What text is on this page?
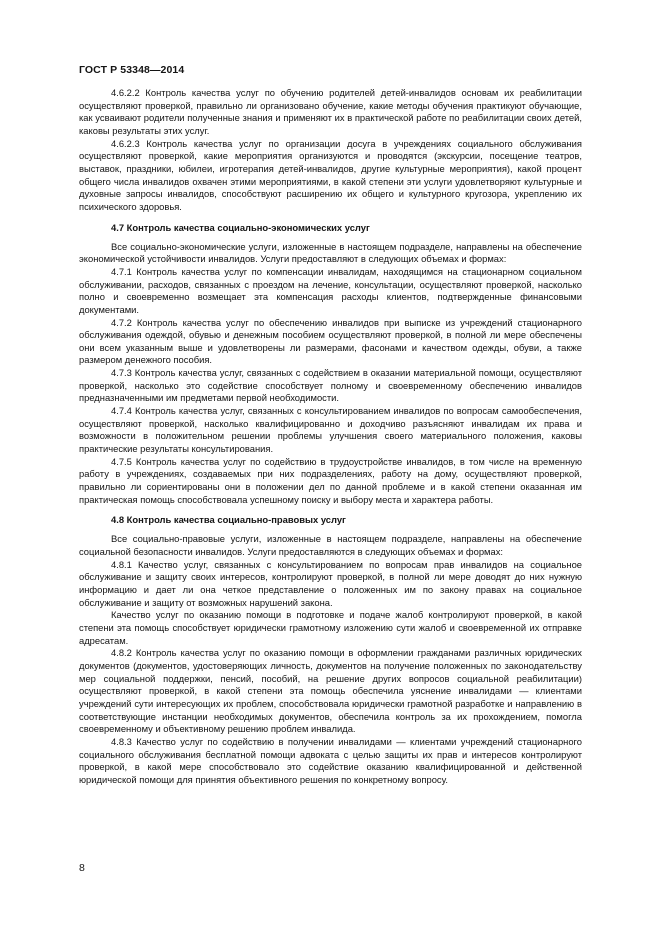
ГОСТ Р 53348—2014

4.6.2.2 Контроль качества услуг по обучению родителей детей-инвалидов основам их реабилитации осуществляют проверкой, правильно ли организовано обучение, какие методы обучения практикуют обучающие, как усваивают родители полученные знания и применяют их в практической работе по реабилитации своих детей, каковы результаты этих услуг.

4.6.2.3 Контроль качества услуг по организации досуга в учреждениях социального обслуживания осуществляют проверкой, какие мероприятия организуются и проводятся (экскурсии, посещение театров, выставок, праздники, юбилеи, игротерапия детей-инвалидов, другие культурные мероприятия), какой процент общего числа инвалидов охвачен этими мероприятиями, в какой степени эти услуги удовлетворяют культурные и духовные запросы инвалидов, способствуют расширению их общего и культурного кругозора, укреплению их психического здоровья.

4.7 Контроль качества социально-экономических услуг

Все социально-экономические услуги, изложенные в настоящем подразделе, направлены на обеспечение экономической устойчивости инвалидов. Услуги предоставляют в следующих объемах и формах:

4.7.1 Контроль качества услуг по компенсации инвалидам, находящимся на стационарном социальном обслуживании, расходов, связанных с проездом на лечение, консультации, осуществляют проверкой, насколько полно и своевременно возмещает эта компенсация расходы клиентов, подтвержденные финансовыми документами.

4.7.2 Контроль качества услуг по обеспечению инвалидов при выписке из учреждений стационарного обслуживания одеждой, обувью и денежным пособием осуществляют проверкой, в полной ли мере обеспечены они всем указанным выше и удовлетворены ли размерами, фасонами и качеством одежды, обуви, а также размером денежного пособия.

4.7.3 Контроль качества услуг, связанных с содействием в оказании материальной помощи, осуществляют проверкой, насколько это содействие способствует полному и своевременному обеспечению инвалидов предназначенными им предметами первой необходимости.

4.7.4 Контроль качества услуг, связанных с консультированием инвалидов по вопросам самообеспечения, осуществляют проверкой, насколько квалифицированно и доходчиво разъясняют инвалидам их права и возможности в положительном решении проблемы улучшения своего материального положения, каковы практические результаты консультирования.

4.7.5 Контроль качества услуг по содействию в трудоустройстве инвалидов, в том числе на временную работу в учреждениях, создаваемых при них подразделениях, работу на дому, осуществляют проверкой, правильно ли сориентированы они в положении дел по данной проблеме и в какой степени оказанная им практическая помощь способствовала успешному поиску и выбору места и характера работы.

4.8 Контроль качества социально-правовых услуг

Все социально-правовые услуги, изложенные в настоящем подразделе, направлены на обеспечение социальной безопасности инвалидов. Услуги предоставляются в следующих объемах и формах:

4.8.1 Качество услуг, связанных с консультированием по вопросам прав инвалидов на социальное обслуживание и защиту своих интересов, контролируют проверкой, в полной ли мере доводят до них нужную информацию и дает ли она четкое представление о положенных им по закону правах на социальное обслуживание и защиту от возможных нарушений закона.

Качество услуг по оказанию помощи в подготовке и подаче жалоб контролируют проверкой, в какой степени эта помощь способствует юридически грамотному изложению сути жалоб и своевременной их отправке адресатам.

4.8.2 Контроль качества услуг по оказанию помощи в оформлении гражданами различных юридических документов (документов, удостоверяющих личность, документов на получение положенных по законодательству мер социальной поддержки, пенсий, пособий, на решение других вопросов социальной реабилитации) осуществляют проверкой, в какой степени эта помощь обеспечила уяснение инвалидами — клиентами учреждений сути интересующих их проблем, способствовала юридически грамотной разработке и направлению в соответствующие инстанции необходимых документов, обеспечила контроль за их прохождением, помогла своевременному и объективному решению проблем инвалида.

4.8.3 Качество услуг по содействию в получении инвалидами — клиентами учреждений стационарного социального обслуживания бесплатной помощи адвоката с целью защиты их прав и интересов контролируют проверкой, в какой мере способствовало это содействие оказанию квалифицированной и действенной юридической помощи для принятия объективного решения по конкретному вопросу.

8
